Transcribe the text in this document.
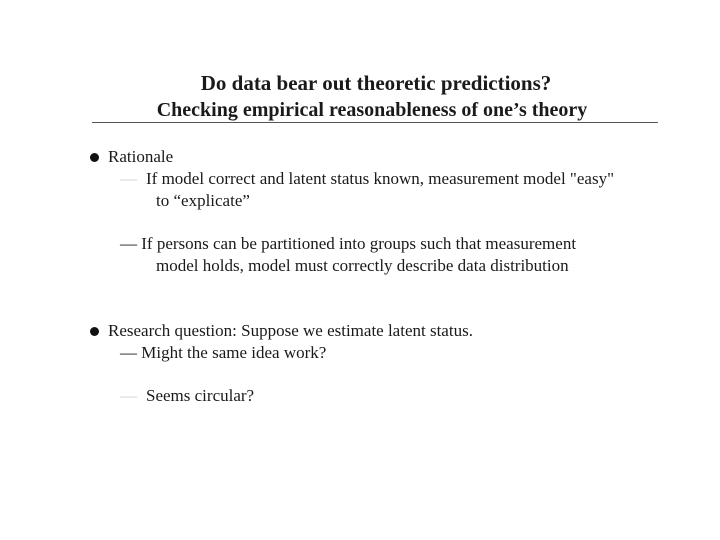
Do data bear out theoretic predictions?
Checking empirical reasonableness of one’s theory
Rationale
— If model correct and latent status known, measurement model "easy"
to “explicate”
— If persons can be partitioned into groups such that measurement
model holds, model must correctly describe data distribution
Research question: Suppose we estimate latent status.
— Might the same idea work?
— Seems circular?
